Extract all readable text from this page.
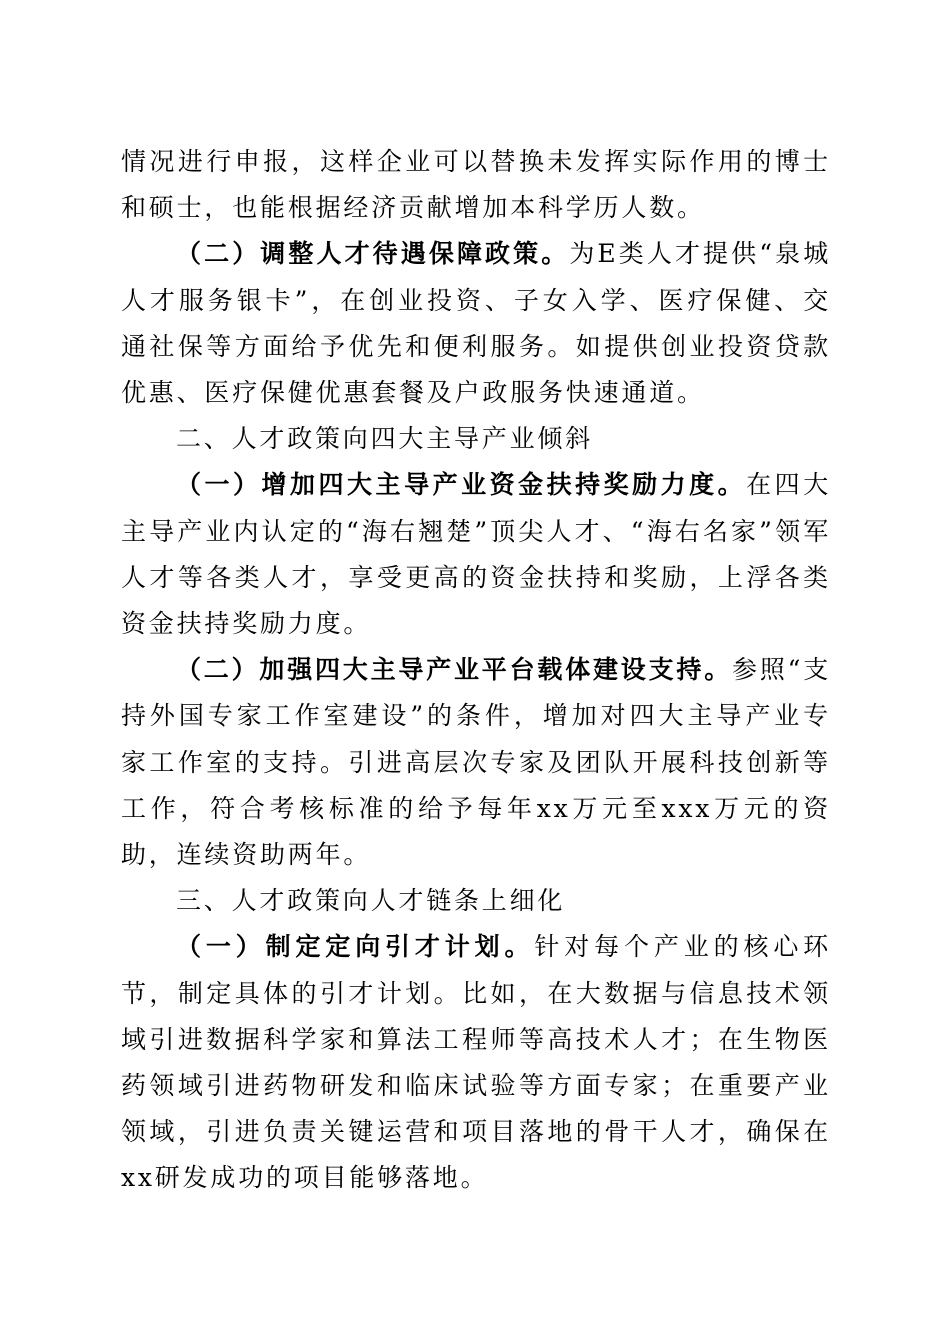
情况进行申报，这样企业可以替换未发挥实际作用的博士和硕士，也能根据经济贡献增加本科学历人数。

（二）调整人才待遇保障政策。为E类人才提供“泉城人才服务银卡”，在创业投资、子女入学、医疗保健、交通社保等方面给予优先和便利服务。如提供创业投资贷款优惠、医疗保健优惠套餐及户政服务快速通道。

二、人才政策向四大主导产业倾斜

（一）增加四大主导产业资金扶持奖励力度。在四大主导产业内认定的“海右翘楚”顶尖人才、“海右名家”领军人才等各类人才，享受更高的资金扶持和奖励，上浮各类资金扶持奖励力度。

（二）加强四大主导产业平台载体建设支持。参照“支持外国专家工作室建设”的条件，增加对四大主导产业专家工作室的支持。引进高层次专家及团队开展科技创新等工作，符合考核标准的给予每年xx万元至xxx万元的资助，连续资助两年。

三、人才政策向人才链条上细化

（一）制定定向引才计划。针对每个产业的核心环节，制定具体的引才计划。比如，在大数据与信息技术领域引进数据科学家和算法工程师等高技术人才；在生物医药领域引进药物研发和临床试验等方面专家；在重要产业领域，引进负责关键运营和项目落地的骨干人才，确保在xx研发成功的项目能够落地。
